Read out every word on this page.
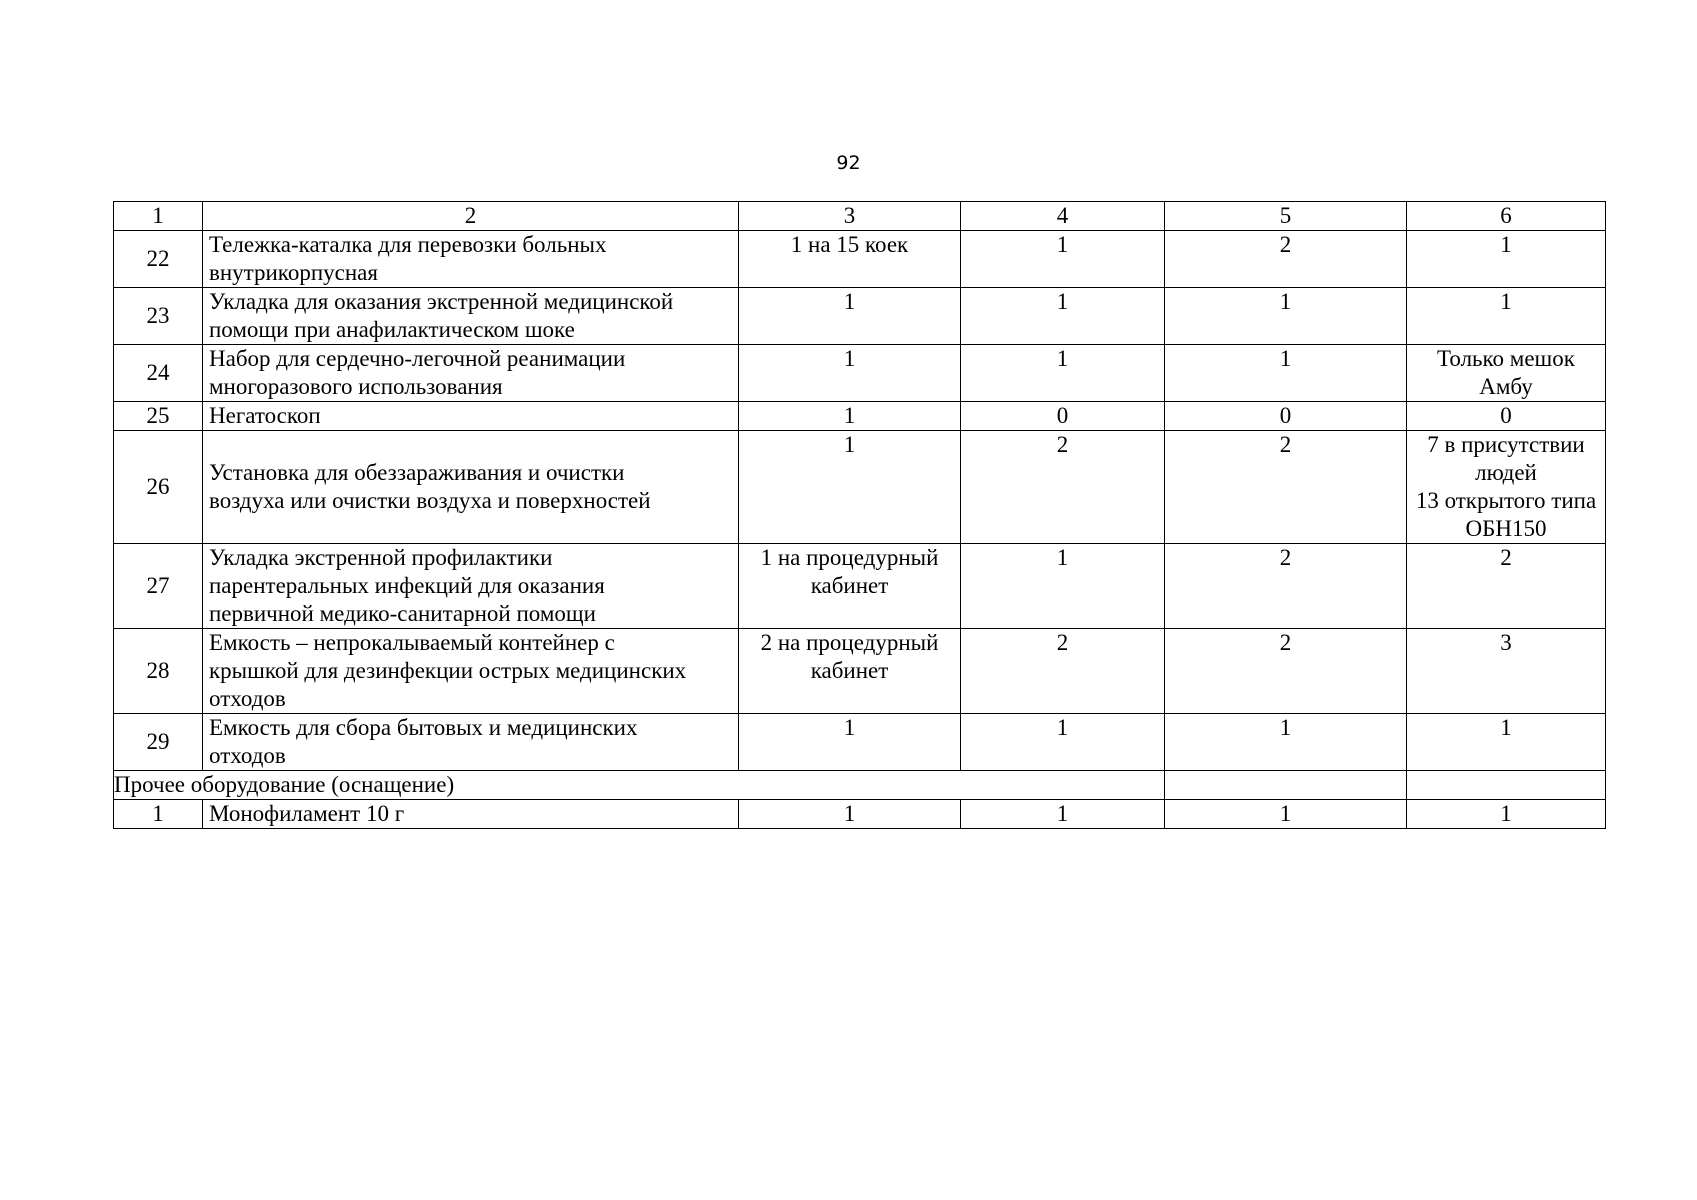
92
1	2	3	4	5	6

22	Тележка-каталка для перевозки больных
внутрикорпусная	1 на 15 коек	1	2	1

23	Укладка для оказания экстренной медицинской
помощи при анафилактическом шоке	1	1	1	1

24	Набор для сердечно-легочной реанимации
многоразового использования	1	1	1	Только мешок
Амбу

25	Негатоскоп	1	0	0	0

26	Установка для обеззараживания и очистки
воздуха или очистки воздуха и поверхностей	1	2	2	7 в присутствии
людей
13 открытого типа
ОБН150

27	Укладка экстренной профилактики
парентеральных инфекций для оказания
первичной медико-санитарной помощи	1 на процедурный
кабинет	1	2	2

28	Емкость – непрокалываемый контейнер с
крышкой для дезинфекции острых медицинских
отходов	2 на процедурный
кабинет	2	2	3

29	Емкость для сбора бытовых и медицинских
отходов	1	1	1	1

Прочее оборудование (оснащение)					

1	Монофиламент 10 г	1	1	1	1
